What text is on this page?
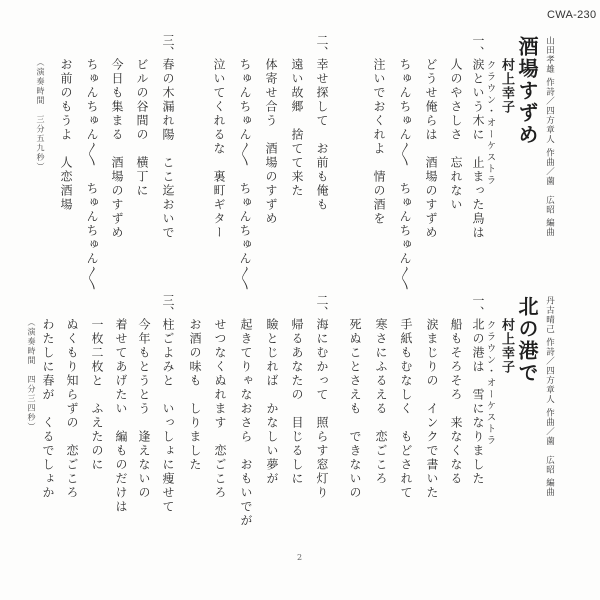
CWA-230
山田孝雄 作詩／四方章人 作曲／薗　広昭 編曲
酒場すずめ
村上幸子
クラウン・オーケストラ
一、
涙という木に　止まった鳥は
人のやさしさ　忘れない
どうせ俺らは　酒場のすずめ
ちゅんちゅん〱　ちゅんちゅん〱
注いでおくれよ　情の酒を
二、
幸せ探して　お前も俺も
遠い故郷　捨てて来た
体寄せ合う　酒場のすずめ
ちゅんちゅん〱　ちゅんちゅん〱
泣いてくれるな　裏町ギター
三、
春の木漏れ陽　ここ迄おいで
ビルの谷間の　横丁に
今日も集まる　酒場のすずめ
ちゅんちゅん〱　ちゅんちゅん〱
お前のもうよ　人恋酒場
（演奏時間　三分五九秒）
丹古晴己 作詩／四方章人 作曲／薗　広昭 編曲
北の港で
村上幸子
クラウン・オーケストラ
一、
北の港は　雪になりました
船もそろそろ　来なくなる
涙まじりの　インクで書いた
手紙もむなしく　もどされて
寒さにふるえる　恋ごころ
死ぬことさえも　できないの
二、
海にむかって　照らす窓灯り
帰るあなたの　目じるしに
瞼とじれば　かなしい夢が
起きてりゃなおさら　おもいでが
せつなくぬれます　恋ごころ
お酒の味も　しりました
三、
柱ごよみと　いっしょに痩せて
今年もとうとう　逢えないの
着せてあげたい　編ものだけは
一枚二枚と　ふえたのに
ぬくもり知らずの　恋ごころ
わたしに春が　くるでしょか
（演奏時間　四分三四秒）
2
